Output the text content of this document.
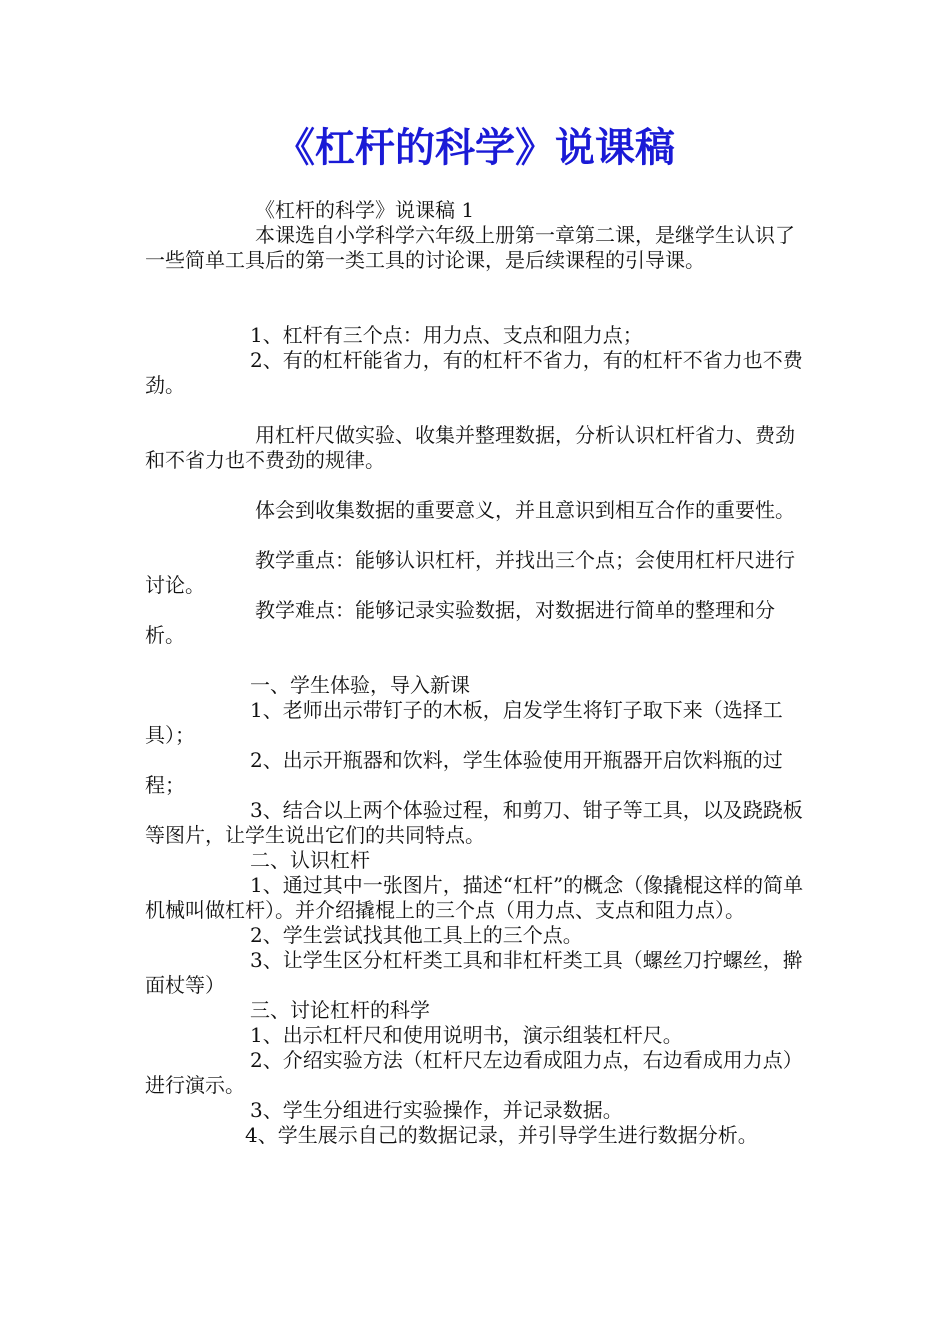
《杠杆的科学》说课稿

《杠杆的科学》说课稿 1

本课选自小学科学六年级上册第一章第二课，是继学生认识了一些简单工具后的第一类工具的讨论课，是后续课程的引导课。

1、杠杆有三个点：用力点、支点和阻力点；

2、有的杠杆能省力，有的杠杆不省力，有的杠杆不省力也不费劲。

用杠杆尺做实验、收集并整理数据，分析认识杠杆省力、费劲和不省力也不费劲的规律。

体会到收集数据的重要意义，并且意识到相互合作的重要性。

教学重点：能够认识杠杆，并找出三个点；会使用杠杆尺进行讨论。

教学难点：能够记录实验数据，对数据进行简单的整理和分析。

一、学生体验，导入新课

1、老师出示带钉子的木板，启发学生将钉子取下来（选择工具）；

2、出示开瓶器和饮料，学生体验使用开瓶器开启饮料瓶的过程；

3、结合以上两个体验过程，和剪刀、钳子等工具，以及跷跷板等图片，让学生说出它们的共同特点。

二、认识杠杆

1、通过其中一张图片，描述“杠杆”的概念（像撬棍这样的简单机械叫做杠杆）。并介绍撬棍上的三个点（用力点、支点和阻力点）。

2、学生尝试找其他工具上的三个点。

3、让学生区分杠杆类工具和非杠杆类工具（螺丝刀拧螺丝，擀面杖等）

三、讨论杠杆的科学

1、出示杠杆尺和使用说明书，演示组装杠杆尺。

2、介绍实验方法（杠杆尺左边看成阻力点，右边看成用力点）进行演示。

3、学生分组进行实验操作，并记录数据。

4、学生展示自己的数据记录，并引导学生进行数据分析。
